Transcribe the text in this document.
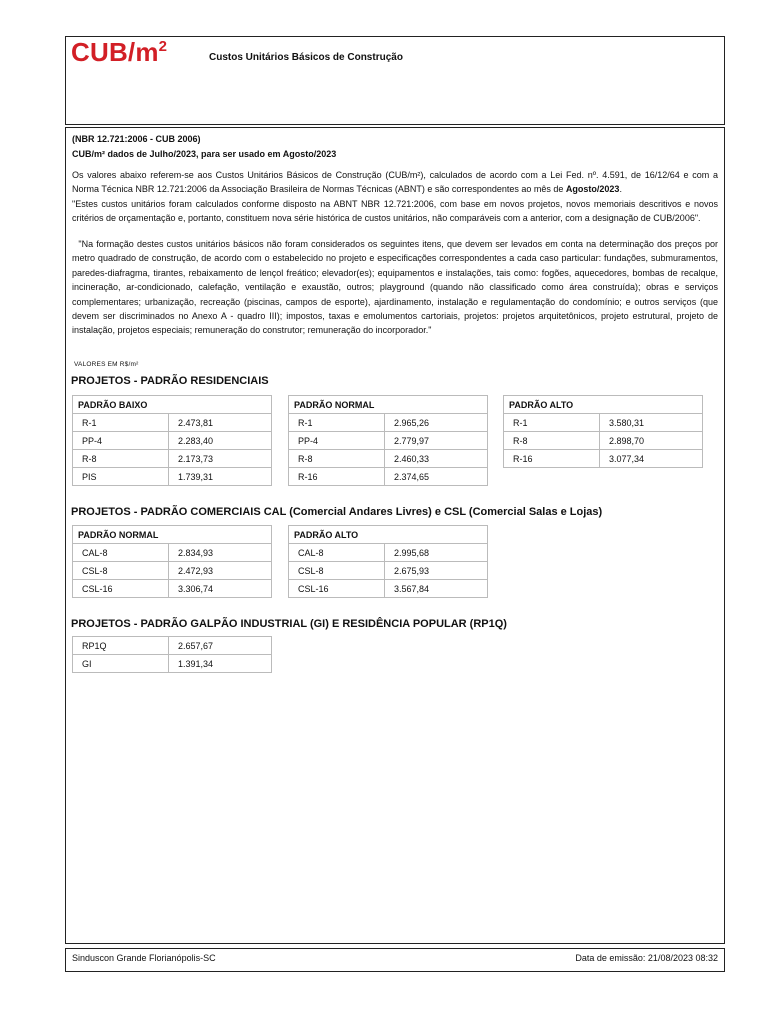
CUB/$m^2$
Custos Unitários Básicos de Construção
(NBR 12.721:2006 - CUB 2006)
CUB/m² dados de Julho/2023, para ser usado em Agosto/2023
Os valores abaixo referem-se aos Custos Unitários Básicos de Construção (CUB/m²), calculados de acordo com a Lei Fed. nº. 4.591, de 16/12/64 e com a Norma Técnica NBR 12.721:2006 da Associação Brasileira de Normas Técnicas (ABNT) e são correspondentes ao mês de Agosto/2023.
"Estes custos unitários foram calculados conforme disposto na ABNT NBR 12.721:2006, com base em novos projetos, novos memoriais descritivos e novos critérios de orçamentação e, portanto, constituem nova série histórica de custos unitários, não comparáveis com a anterior, com a designação de CUB/2006".
"Na formação destes custos unitários básicos não foram considerados os seguintes itens, que devem ser levados em conta na determinação dos preços por metro quadrado de construção, de acordo com o estabelecido no projeto e especificações correspondentes a cada caso particular: fundações, submuramentos, paredes-diafragma, tirantes, rebaixamento de lençol freático; elevador(es); equipamentos e instalações, tais como: fogões, aquecedores, bombas de recalque, incineração, ar-condicionado, calefação, ventilação e exaustão, outros; playground (quando não classificado como área construída); obras e serviços complementares; urbanização, recreação (piscinas, campos de esporte), ajardinamento, instalação e regulamentação do condomínio; e outros serviços (que devem ser discriminados no Anexo A - quadro III); impostos, taxas e emolumentos cartoriais, projetos: projetos arquitetônicos, projeto estrutural, projeto de instalação, projetos especiais; remuneração do construtor; remuneração do incorporador."
VALORES EM R$/m²
PROJETOS - PADRÃO RESIDENCIAIS
PADRÃO BAIXO	
R-1	2.473,81
PP-4	2.283,40
R-8	2.173,73
PIS	1.739,31
PADRÃO NORMAL	
R-1	2.965,26
PP-4	2.779,97
R-8	2.460,33
R-16	2.374,65
PADRÃO ALTO	
R-1	3.580,31
R-8	2.898,70
R-16	3.077,34
PROJETOS - PADRÃO COMERCIAIS CAL (Comercial Andares Livres) e CSL (Comercial Salas e Lojas)
PADRÃO NORMAL	
CAL-8	2.834,93
CSL-8	2.472,93
CSL-16	3.306,74
PADRÃO ALTO	
CAL-8	2.995,68
CSL-8	2.675,93
CSL-16	3.567,84
PROJETOS - PADRÃO GALPÃO INDUSTRIAL (GI) E RESIDÊNCIA POPULAR (RP1Q)
RP1Q	2.657,67
GI	1.391,34
Sinduscon Grande Florianópolis-SC	Data de emissão: 21/08/2023 08:32
